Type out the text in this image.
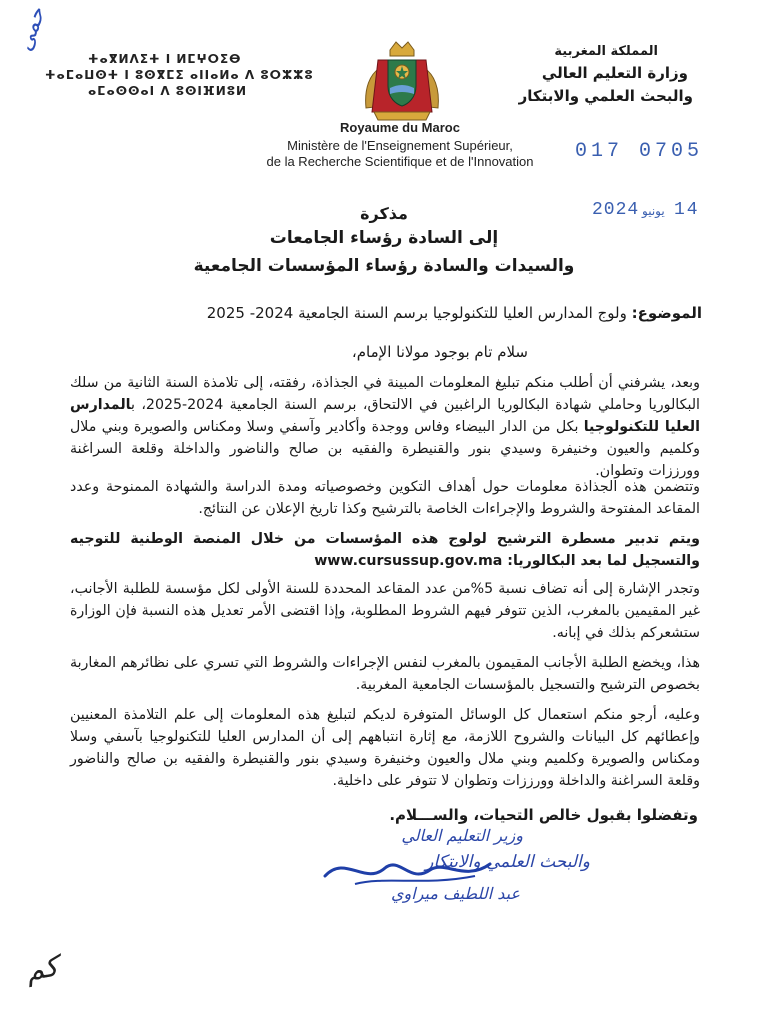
حمى
ⵜⴰⴳⵍⴷⵉⵜ ⵏ ⵍⵎⵖⵔⵉⴱ
ⵜⴰⵎⴰⵡⵙⵜ ⵏ ⵓⵙⴳⵎⵉ ⴰⵏⵏⴰⵍⴰ ⴷ ⵓⵔⵣⵣⵓ
ⴰⵎⴰⵙⵙⴰⵏ ⴷ ⵓⵙⵏⴼⵍⵓⵍ
المملكة المغربية
وزارة التعليم العالي
والبحث العلمي والابتكار
Royaume du Maroc
Ministère de l'Enseignement Supérieur,
de la Recherche Scientifique et de l'Innovation	017 0705
2024 يونيو 14
مذكرة
إلى السادة رؤساء الجامعات
والسيدات والسادة رؤساء المؤسسات الجامعية
الموضوع: ولوج المدارس العليا للتكنولوجيا برسم السنة الجامعية 2024- 2025
سلام تام بوجود مولانا الإمام،
وبعد، يشرفني أن أطلب منكم تبليغ المعلومات المبينة في الجذاذة، رفقته، إلى تلامذة السنة الثانية من سلك البكالوريا وحاملي شهادة البكالوريا الراغبين في الالتحاق، برسم السنة الجامعية 2024-2025، بالمدارس العليا للتكنولوجيا بكل من الدار البيضاء وفاس ووجدة وأكادير وآسفي وسلا ومكناس والصويرة وبني ملال وكلميم والعيون وخنيفرة وسيدي بنور والقنيطرة والفقيه بن صالح والناضور والداخلة وقلعة السراغنة وورززات وتطوان.
وتتضمن هذه الجذاذة معلومات حول أهداف التكوين وخصوصياته ومدة الدراسة والشهادة الممنوحة وعدد المقاعد المفتوحة والشروط والإجراءات الخاصة بالترشيح وكذا تاريخ الإعلان عن النتائج.
ويتم تدبير مسطرة الترشيح لولوج هذه المؤسسات من خلال المنصة الوطنية للتوجيه والتسجيل لما بعد البكالوريا: www.cursussup.gov.ma
وتجدر الإشارة إلى أنه تضاف نسبة 5%من عدد المقاعد المحددة للسنة الأولى لكل مؤسسة للطلبة الأجانب، غير المقيمين بالمغرب، الذين تتوفر فيهم الشروط المطلوبة، وإذا اقتضى الأمر تعديل هذه النسبة فإن الوزارة ستشعركم بذلك في إبانه.
هذا، ويخضع الطلبة الأجانب المقيمون بالمغرب لنفس الإجراءات والشروط التي تسري على نظائرهم المغاربة بخصوص الترشيح والتسجيل بالمؤسسات الجامعية المغربية.
وعليه، أرجو منكم استعمال كل الوسائل المتوفرة لديكم لتبليغ هذه المعلومات إلى علم التلامذة المعنيين وإعطائهم كل البيانات والشروح اللازمة، مع إثارة انتباههم إلى أن المدارس العليا للتكنولوجيا بآسفي وسلا ومكناس والصويرة وكلميم وبني ملال والعيون وخنيفرة وسيدي بنور والقنيطرة والفقيه بن صالح والناضور وقلعة السراغنة والداخلة وورززات وتطوان لا تتوفر على داخلية.
وتفضلوا بقبول خالص التحيات، والســـلام.
وزير التعليم العالي
والبحث العلمي والابتكار
عبد اللطيف ميراوي
كم
